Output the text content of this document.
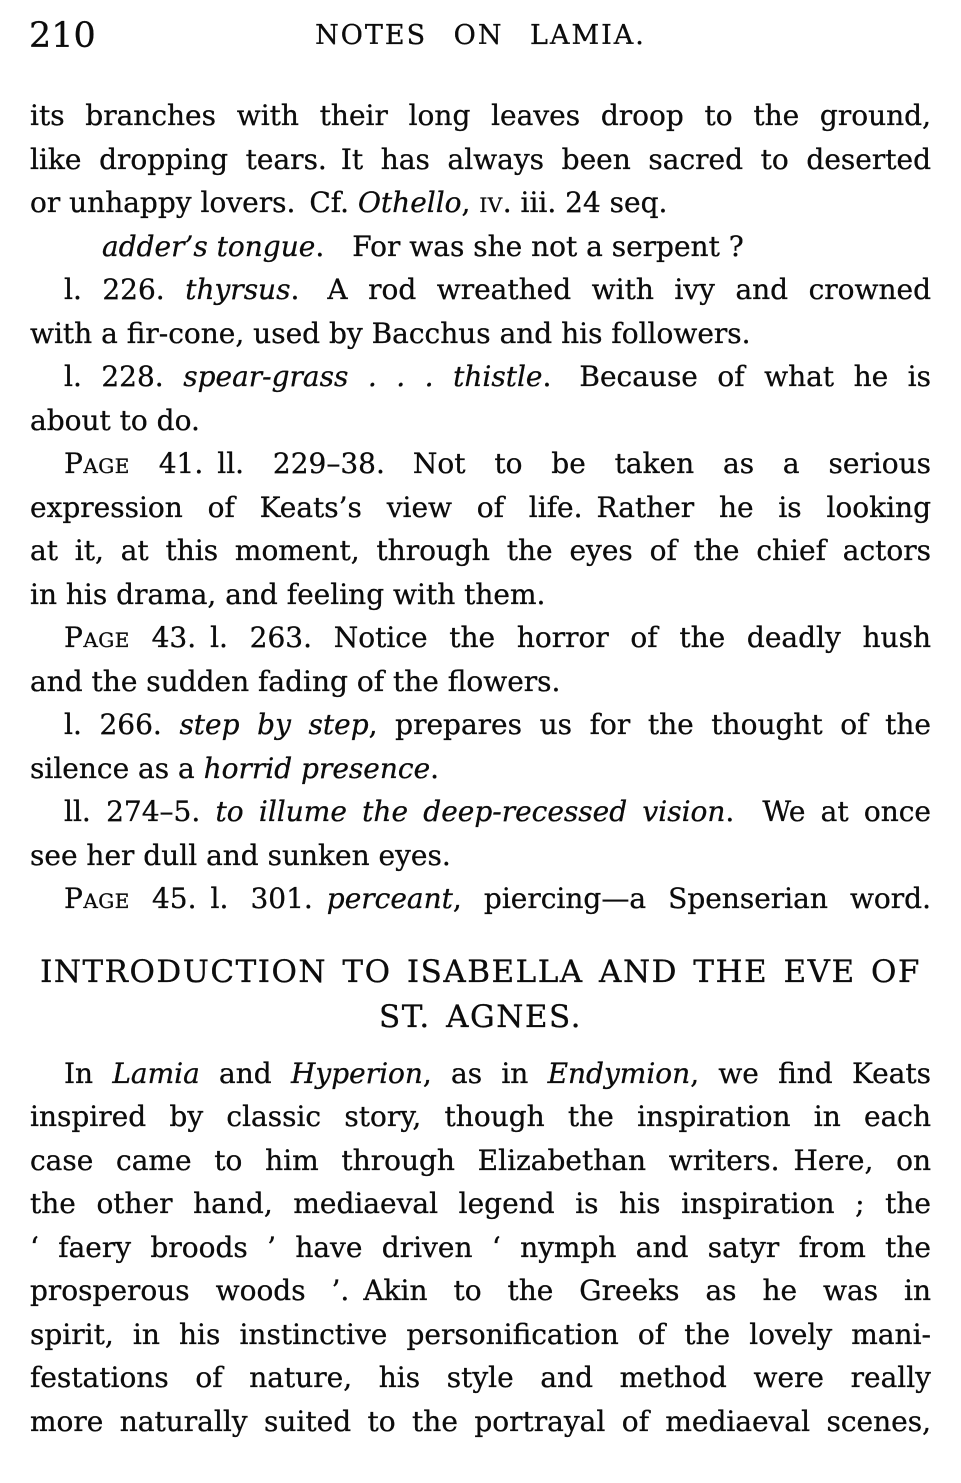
210	NOTES ON LAMIA.
its branches with their long leaves droop to the ground,
like dropping tears. It has always been sacred to deserted
or unhappy lovers. Cf. Othello, iv. iii. 24 seq.
adder’s tongue. For was she not a serpent ?
l. 226. thyrsus. A rod wreathed with ivy and crowned
with a fir-cone, used by Bacchus and his followers.
l. 228. spear-grass . . . thistle. Because of what he is
about to do.
Page 41. ll. 229–38. Not to be taken as a serious
expression of Keats’s view of life. Rather he is looking
at it, at this moment, through the eyes of the chief actors
in his drama, and feeling with them.
Page 43. l. 263. Notice the horror of the deadly hush
and the sudden fading of the flowers.
l. 266. step by step, prepares us for the thought of the
silence as a horrid presence.
ll. 274–5. to illume the deep-recessed vision. We at once
see her dull and sunken eyes.
Page 45. l. 301. perceant, piercing—a Spenserian word.
INTRODUCTION TO ISABELLA AND THE EVE OF
ST. AGNES.
In Lamia and Hyperion, as in Endymion, we find Keats
inspired by classic story, though the inspiration in each
case came to him through Elizabethan writers. Here, on
the other hand, mediaeval legend is his inspiration ; the
‘ faery broods ’ have driven ‘ nymph and satyr from the
prosperous woods ’. Akin to the Greeks as he was in
spirit, in his instinctive personification of the lovely mani-
festations of nature, his style and method were really
more naturally suited to the portrayal of mediaeval scenes,
